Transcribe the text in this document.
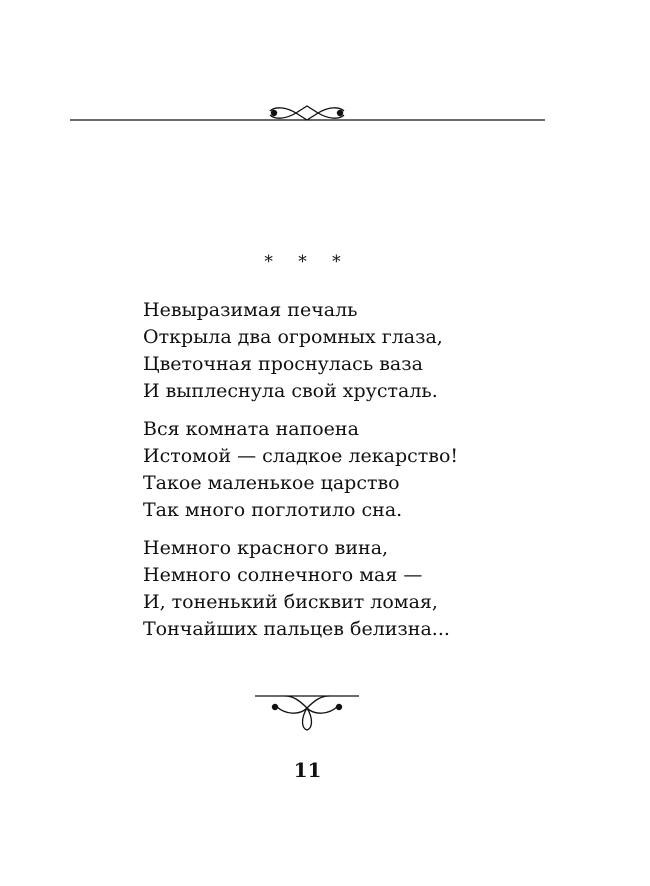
* * *
Невыразимая печаль
Открыла два огромных глаза,
Цветочная проснулась ваза
И выплеснула свой хрусталь.
Вся комната напоена
Истомой — сладкое лекарство!
Такое маленькое царство
Так много поглотило сна.
Немного красного вина,
Немного солнечного мая —
И, тоненький бисквит ломая,
Тончайших пальцев белизна...
11
